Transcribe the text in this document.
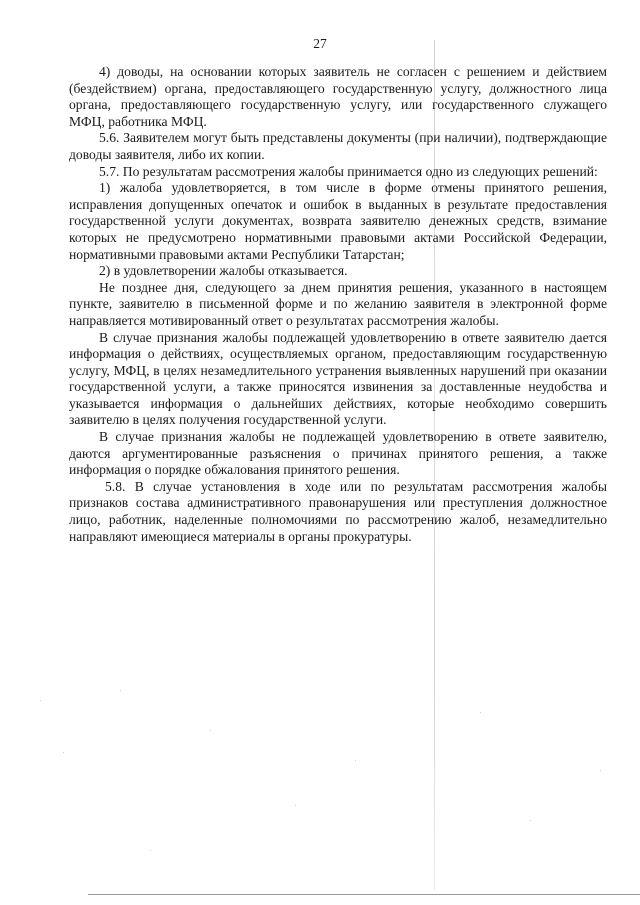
27

4) доводы, на основании которых заявитель не согласен с решением и действием (бездействием) органа, предоставляющего государственную услугу, должностного лица органа, предоставляющего государственную услугу, или государственного служащего МФЦ, работника МФЦ.

5.6. Заявителем могут быть представлены документы (при наличии), подтверждающие доводы заявителя, либо их копии.

5.7. По результатам рассмотрения жалобы принимается одно из следующих решений:

1) жалоба удовлетворяется, в том числе в форме отмены принятого решения, исправления допущенных опечаток и ошибок в выданных в результате предоставления государственной услуги документах, возврата заявителю денежных средств, взимание которых не предусмотрено нормативными правовыми актами Российской Федерации, нормативными правовыми актами Республики Татарстан;

2) в удовлетворении жалобы отказывается.

Не позднее дня, следующего за днем принятия решения, указанного в настоящем пункте, заявителю в письменной форме и по желанию заявителя в электронной форме направляется мотивированный ответ о результатах рассмотрения жалобы.

В случае признания жалобы подлежащей удовлетворению в ответе заявителю дается информация о действиях, осуществляемых органом, предоставляющим государственную услугу, МФЦ, в целях незамедлительного устранения выявленных нарушений при оказании государственной услуги, а также приносятся извинения за доставленные неудобства и указывается информация о дальнейших действиях, которые необходимо совершить заявителю в целях получения государственной услуги.

В случае признания жалобы не подлежащей удовлетворению в ответе заявителю, даются аргументированные разъяснения о причинах принятого решения, а также информация о порядке обжалования принятого решения.

5.8. В случае установления в ходе или по результатам рассмотрения жалобы признаков состава административного правонарушения или преступления должностное лицо, работник, наделенные полномочиями по рассмотрению жалоб, незамедлительно направляют имеющиеся материалы в органы прокуратуры.
